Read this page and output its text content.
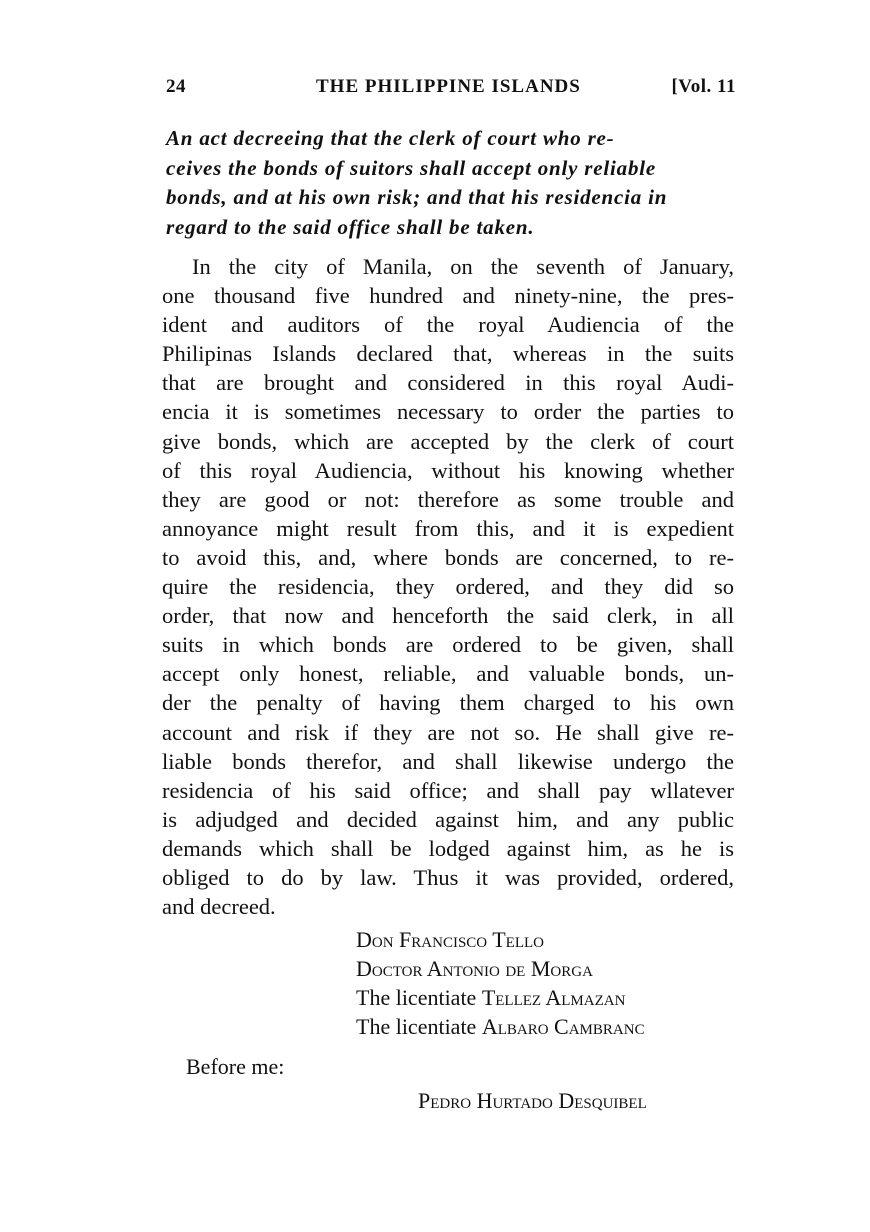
24	THE PHILIPPINE ISLANDS	[Vol. 11
An act decreeing that the clerk of court who re-
ceives the bonds of suitors shall accept only reliable
bonds, and at his own risk; and that his residencia in
regard to the said office shall be taken.
In the city of Manila, on the seventh of January,
one thousand five hundred and ninety-nine, the pres-
ident and auditors of the royal Audiencia of the
Philipinas Islands declared that, whereas in the suits
that are brought and considered in this royal Audi-
encia it is sometimes necessary to order the parties to
give bonds, which are accepted by the clerk of court
of this royal Audiencia, without his knowing whether
they are good or not: therefore as some trouble and
annoyance might result from this, and it is expedient
to avoid this, and, where bonds are concerned, to re-
quire the residencia, they ordered, and they did so
order, that now and henceforth the said clerk, in all
suits in which bonds are ordered to be given, shall
accept only honest, reliable, and valuable bonds, un-
der the penalty of having them charged to his own
account and risk if they are not so. He shall give re-
liable bonds therefor, and shall likewise undergo the
residencia of his said office; and shall pay wllatever
is adjudged and decided against him, and any public
demands which shall be lodged against him, as he is
obliged to do by law. Thus it was provided, ordered,
and decreed.
Don Francisco Tello
Doctor Antonio de Morga
The licentiate Tellez Almazan
The licentiate Albaro Cambranc
Before me:
Pedro Hurtado Desquibel
